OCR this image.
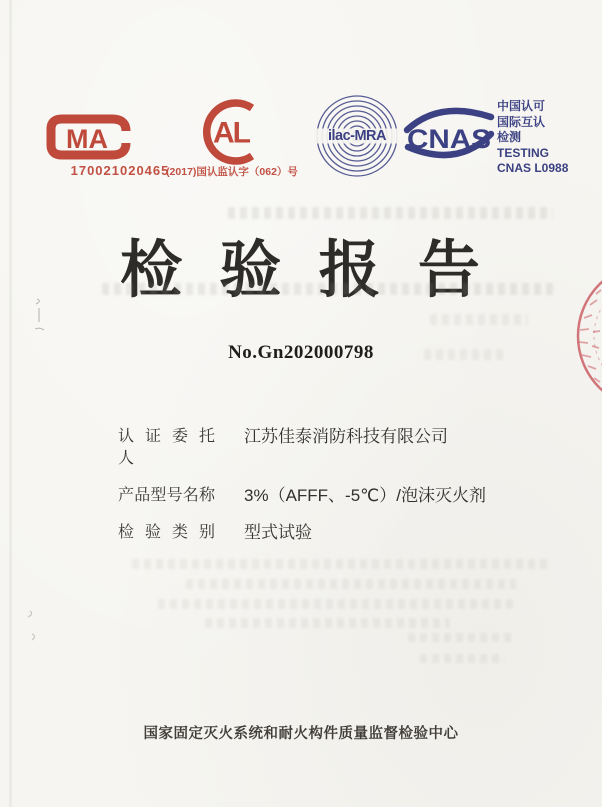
MA
170021020465
AL
(2017)国认监认字（062）号
ilac-MRA CNAS
中国认可
国际互认
检测
TESTING
CNAS L0988
检 验 报 告
No.Gn202000798
认 证 委 托 人
江苏佳泰消防科技有限公司
产品型号名称 3%（AFFF、-5℃）/泡沫灭火剂
检 验 类 别 型式试验
国家固定灭火系统和耐火构件质量监督检验中心
